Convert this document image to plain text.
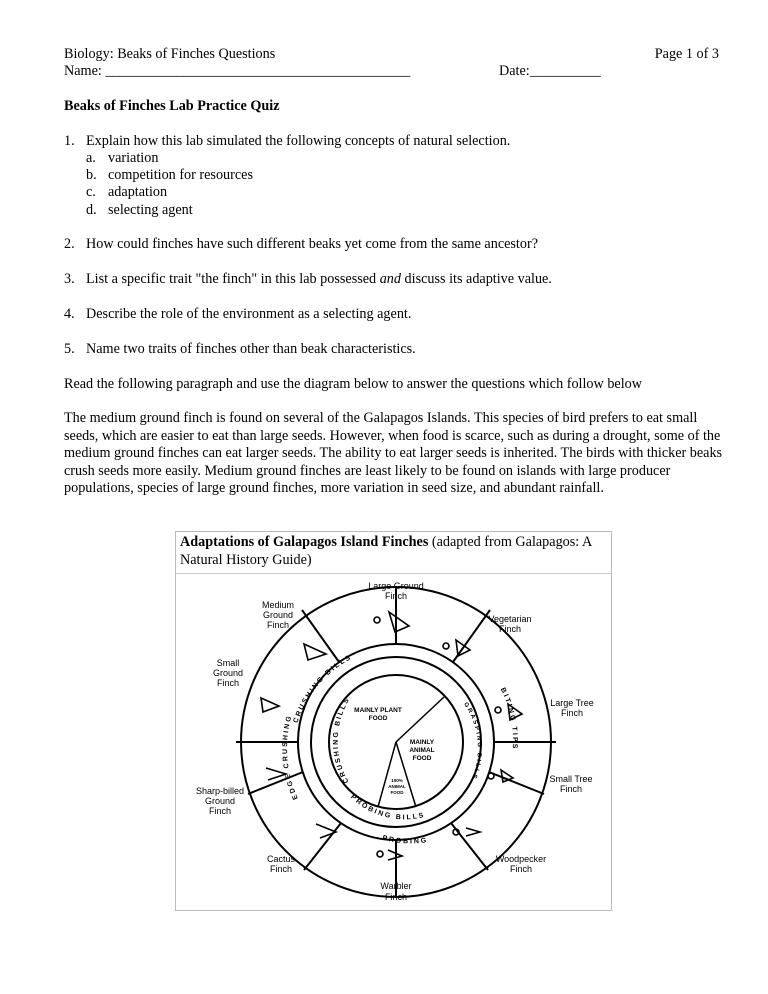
Biology: Beaks of Finches Questions	Page 1 of 3
Name: ___________________________________________	Date:__________
Beaks of Finches Lab Practice Quiz
1. Explain how this lab simulated the following concepts of natural selection.
a. variation
b. competition for resources
c. adaptation
d. selecting agent
2. How could finches have such different beaks yet come from the same ancestor?
3. List a specific trait "the finch" in this lab possessed and discuss its adaptive value.
4. Describe the role of the environment as a selecting agent.
5. Name two traits of finches other than beak characteristics.
Read the following paragraph and use the diagram below to answer the questions which follow below
The medium ground finch is found on several of the Galapagos Islands. This species of bird prefers to eat small seeds, which are easier to eat than large seeds. However, when food is scarce, such as during a drought, some of the medium ground finches can eat larger seeds. The ability to eat larger seeds is inherited. The birds with thicker beaks crush seeds more easily. Medium ground finches are least likely to be found on islands with large producer populations, species of large ground finches, more variation in seed size, and abundant rainfall.
Adaptations of Galapagos Island Finches (adapted from Galapagos: A Natural History Guide)
MAINLY PLANT
FOOD
MAINLY
ANIMAL
FOOD
100%
ANIMAL
FOOD
CRUSHING BILLS
EDGE CRUSHING
CRUSHING BILLS
BITING TIPS
GRASPING BILLS
PROBING BILLS
PROBING
Large Ground
Finch
Vegetarian
Finch
Large Tree
Finch
Small Tree
Finch
Woodpecker
Finch
Warbler
Finch
Cactus
Finch
Sharp-billed
Ground
Finch
Small
Ground
Finch
Medium
Ground
Finch
